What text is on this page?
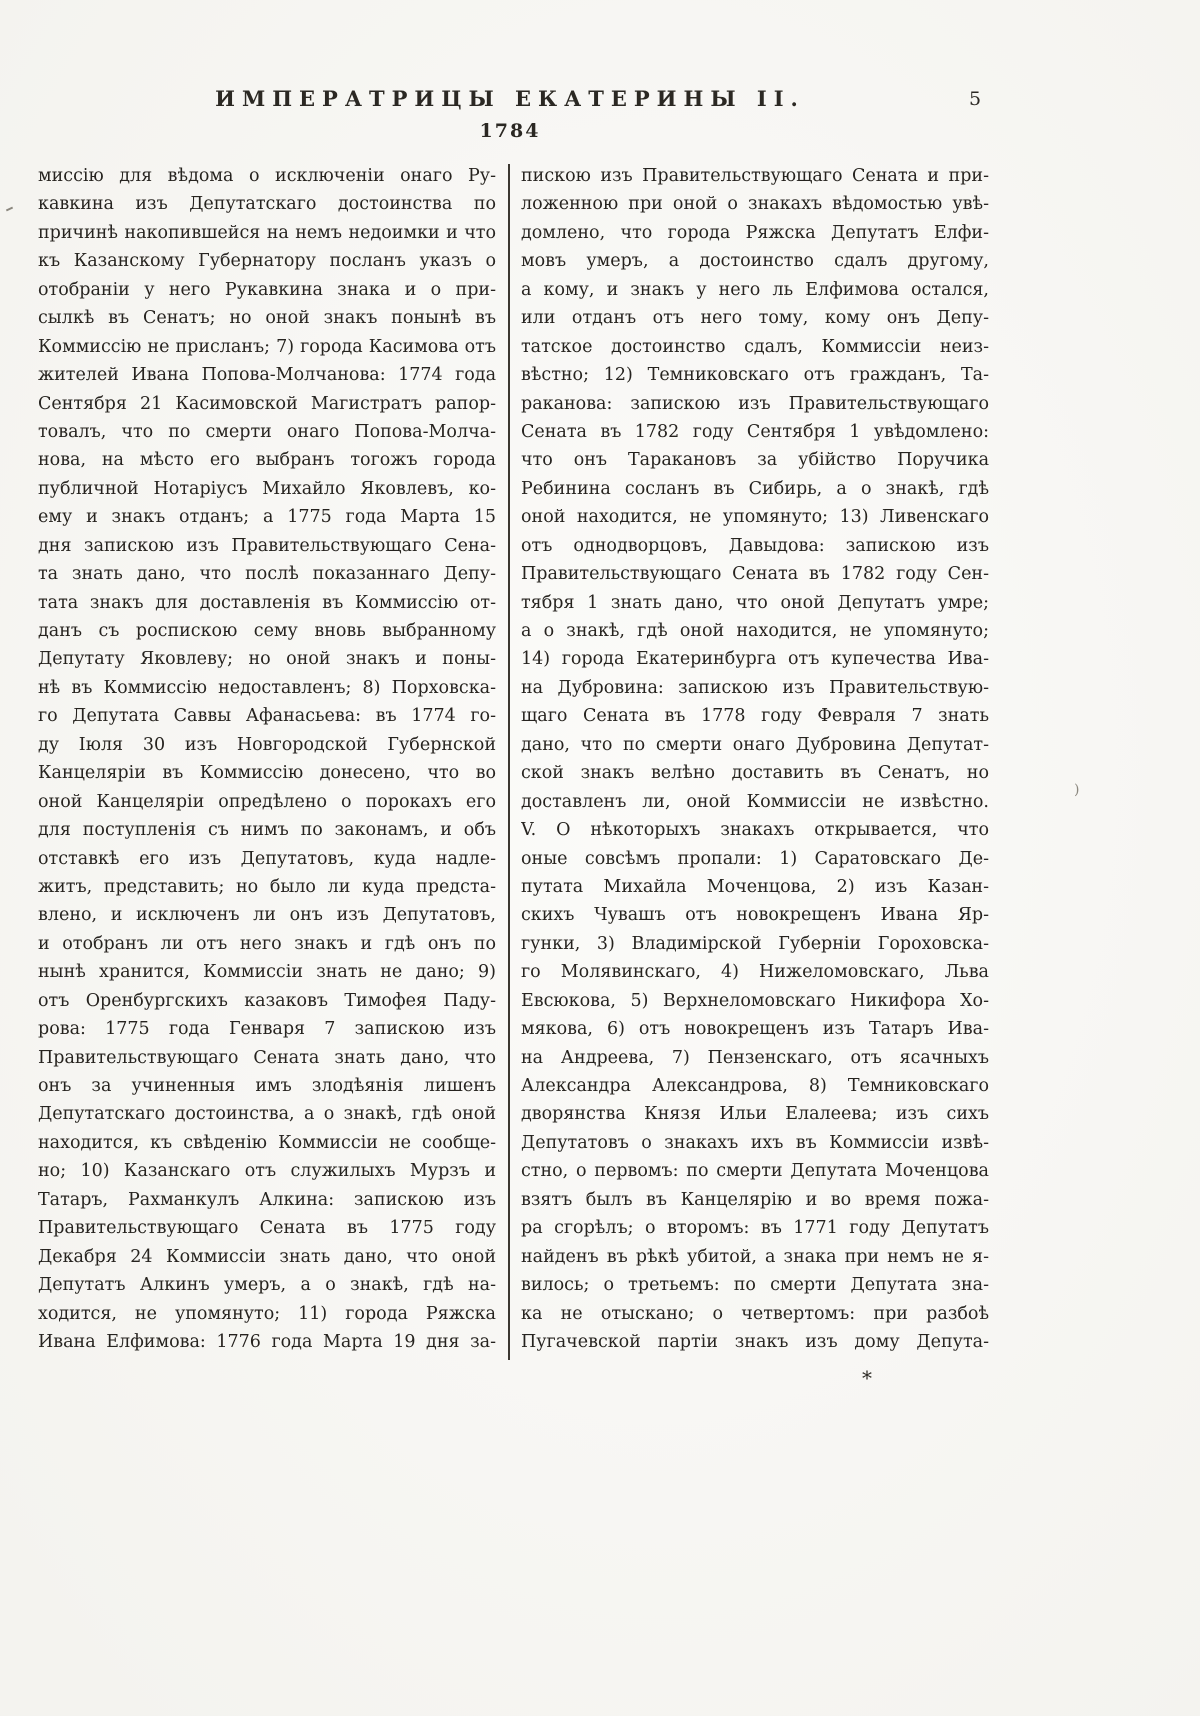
ИМПЕРАТРИЦЫ ЕКАТЕРИНЫ II.	5
1784
миссію для вѣдома о исключеніи онаго Ру-
кавкина изъ Депутатскаго достоинства по
причинѣ накопившейся на немъ недоимки и что
къ Казанскому Губернатору посланъ указъ о
отобраніи у него Рукавкина знака и о при-
сылкѣ въ Сенатъ; но оной знакъ понынѣ въ
Коммиссію не присланъ; 7) города Касимова отъ
жителей Ивана Попова-Молчанова: 1774 года
Сентября 21 Касимовской Магистратъ рапор-
товалъ, что по смерти онаго Попова-Молча-
нова, на мѣсто его выбранъ тогожъ города
публичной Нотаріусъ Михайло Яковлевъ, ко-
ему и знакъ отданъ; а 1775 года Марта 15
дня запискою изъ Правительствующаго Сена-
та знать дано, что послѣ показаннаго Депу-
тата знакъ для доставленія въ Коммиссію от-
данъ съ роспискою сему вновь выбранному
Депутату Яковлеву; но оной знакъ и поны-
нѣ въ Коммиссію недоставленъ; 8) Порховска-
го Депутата Саввы Афанасьева: въ 1774 го-
ду Іюля 30 изъ Новгородской Губернской
Канцеляріи въ Коммиссію донесено, что во
оной Канцеляріи опредѣлено о порокахъ его
для поступленія съ нимъ по законамъ, и объ
отставкѣ его изъ Депутатовъ, куда надле-
житъ, представить; но было ли куда предста-
влено, и исключенъ ли онъ изъ Депутатовъ,
и отобранъ ли отъ него знакъ и гдѣ онъ по
нынѣ хранится, Коммиссіи знать не дано; 9)
отъ Оренбургскихъ казаковъ Тимофея Паду-
рова: 1775 года Генваря 7 запискою изъ
Правительствующаго Сената знать дано, что
онъ за учиненныя имъ злодѣянія лишенъ
Депутатскаго достоинства, а о знакѣ, гдѣ оной
находится, къ свѣденію Коммиссіи не сообще-
но; 10) Казанскаго отъ служилыхъ Мурзъ и
Татаръ, Рахманкулъ Алкина: запискою изъ
Правительствующаго Сената въ 1775 году
Декабря 24 Коммиссіи знать дано, что оной
Депутатъ Алкинъ умеръ, а о знакѣ, гдѣ на-
ходится, не упомянуто; 11) города Ряжска
Ивана Елфимова: 1776 года Марта 19 дня за-
пискою изъ Правительствующаго Сената и при-
ложенною при оной о знакахъ вѣдомостью увѣ-
домлено, что города Ряжска Депутатъ Елфи-
мовъ умеръ, а достоинство сдалъ другому,
а кому, и знакъ у него ль Елфимова остался,
или отданъ отъ него тому, кому онъ Депу-
татское достоинство сдалъ, Коммиссіи неиз-
вѣстно; 12) Темниковскаго отъ гражданъ, Та-
раканова: запискою изъ Правительствующаго
Сената въ 1782 году Сентября 1 увѣдомлено:
что онъ Таракановъ за убійство Поручика
Ребинина сосланъ въ Сибирь, а о знакѣ, гдѣ
оной находится, не упомянуто; 13) Ливенскаго
отъ однодворцовъ, Давыдова: запискою изъ
Правительствующаго Сената въ 1782 году Сен-
тября 1 знать дано, что оной Депутатъ умре;
а о знакѣ, гдѣ оной находится, не упомянуто;
14) города Екатеринбурга отъ купечества Ива-
на Дубровина: запискою изъ Правительствую-
щаго Сената въ 1778 году Февраля 7 знать
дано, что по смерти онаго Дубровина Депутат-
ской знакъ велѣно доставить въ Сенатъ, но
доставленъ ли, оной Коммиссіи не извѣстно.
V. О нѣкоторыхъ знакахъ открывается, что
оные совсѣмъ пропали: 1) Саратовскаго Де-
путата Михайла Моченцова, 2) изъ Казан-
скихъ Чувашъ отъ новокрещенъ Ивана Яр-
гунки, 3) Владимірской Губерніи Гороховска-
го Молявинскаго, 4) Нижеломовскаго, Льва
Евсюкова, 5) Верхнеломовскаго Никифора Хо-
мякова, 6) отъ новокрещенъ изъ Татаръ Ива-
на Андреева, 7) Пензенскаго, отъ ясачныхъ
Александра Александрова, 8) Темниковскаго
дворянства Князя Ильи Елалеева; изъ сихъ
Депутатовъ о знакахъ ихъ въ Коммиссіи извѣ-
стно, о первомъ: по смерти Депутата Моченцова
взятъ былъ въ Канцелярію и во время пожа-
ра сгорѣлъ; о второмъ: въ 1771 году Депутатъ
найденъ въ рѣкѣ убитой, а знака при немъ не я-
вилось; о третьемъ: по смерти Депутата зна-
ка не отыскано; о четвертомъ: при разбоѣ
Пугачевской партіи знакъ изъ дому Депута-
*
)
